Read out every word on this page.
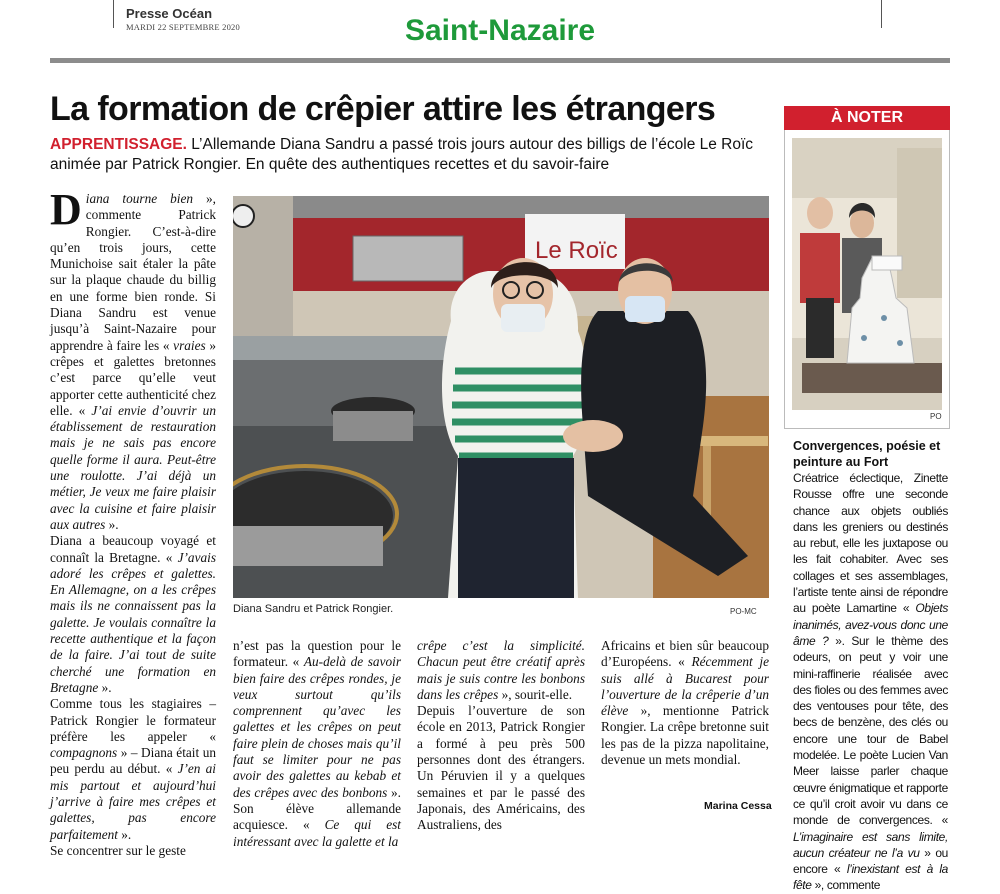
Presse Océan
MARDI 22 SEPTEMBRE 2020	Saint-Nazaire
La formation de crêpier attire les étrangers
APPRENTISSAGE. L’Allemande Diana Sandru a passé trois jours autour des billigs de l’école Le Roïc animée par Patrick Rongier. En quête des authentiques recettes et du savoir-faire
Le Roïc
Diana Sandru et Patrick Rongier.	PO-MC

Diana tourne bien », commente Patrick Rongier. C’est-à-dire qu’en trois jours, cette Munichoise sait étaler la pâte sur la plaque chaude du billig en une forme bien ronde. Si Diana Sandru est venue jusqu’à Saint-Nazaire pour apprendre à faire les « vraies » crêpes et galettes bretonnes c’est parce qu’elle veut apporter cette authenticité chez elle. « J’ai envie d’ouvrir un établissement de restauration mais je ne sais pas encore quelle forme il aura. Peut-être une roulotte. J’ai déjà un métier, Je veux me faire plaisir avec la cuisine et faire plaisir aux autres ».

Diana a beaucoup voyagé et connaît la Bretagne. « J’avais adoré les crêpes et galettes. En Allemagne, on a les crêpes mais ils ne connaissent pas la galette. Je voulais connaître la recette authentique et la façon de la faire. J’ai tout de suite cherché une formation en Bretagne ».

Comme tous les stagiaires – Patrick Rongier le formateur préfère les appeler « compagnons » – Diana était un peu perdu au début. « J’en ai mis partout et aujourd’hui j’arrive à faire mes crêpes et galettes, pas encore parfaitement ».

Se concentrer sur le geste

n’est pas la question pour le formateur. « Au-delà de savoir bien faire des crêpes rondes, je veux surtout qu’ils comprennent qu’avec les galettes et les crêpes on peut faire plein de choses mais qu’il faut se limiter pour ne pas avoir des galettes au kebab et des crêpes avec des bonbons ». Son élève allemande acquiesce. « Ce qui est intéressant avec la galette et la

crêpe c’est la simplicité. Chacun peut être créatif après mais je suis contre les bonbons dans les crêpes », sourit-elle.

Depuis l’ouverture de son école en 2013, Patrick Rongier a formé à peu près 500 personnes dont des étrangers. Un Péruvien il y a quelques semaines et par le passé des Japonais, des Américains, des Australiens, des

Africains et bien sûr beaucoup d’Européens. « Récemment je suis allé à Bucarest pour l’ouverture de la crêperie d’un élève », mentionne Patrick Rongier. La crêpe bretonne suit les pas de la pizza napolitaine, devenue un mets mondial.

Marina Cessa
À NOTER
PO
Convergences, poésie et peinture au Fort

Créatrice éclectique, Zinette Rousse offre une seconde chance aux objets oubliés dans les greniers ou destinés au rebut, elle les juxtapose ou les fait cohabiter. Avec ses collages et ses assemblages, l’artiste tente ainsi de répondre au poète Lamartine « Objets inanimés, avez-vous donc une âme ? ». Sur le thème des odeurs, on peut y voir une mini-raffinerie réalisée avec des fioles ou des femmes avec des ventouses pour tête, des becs de benzène, des clés ou encore une tour de Babel modelée. Le poète Lucien Van Meer laisse parler chaque œuvre énigmatique et rapporte ce qu’il croit avoir vu dans ce monde de convergences. « L’imaginaire est sans limite, aucun créateur ne l’a vu » ou encore « l’inexistant est à la fête », commente
